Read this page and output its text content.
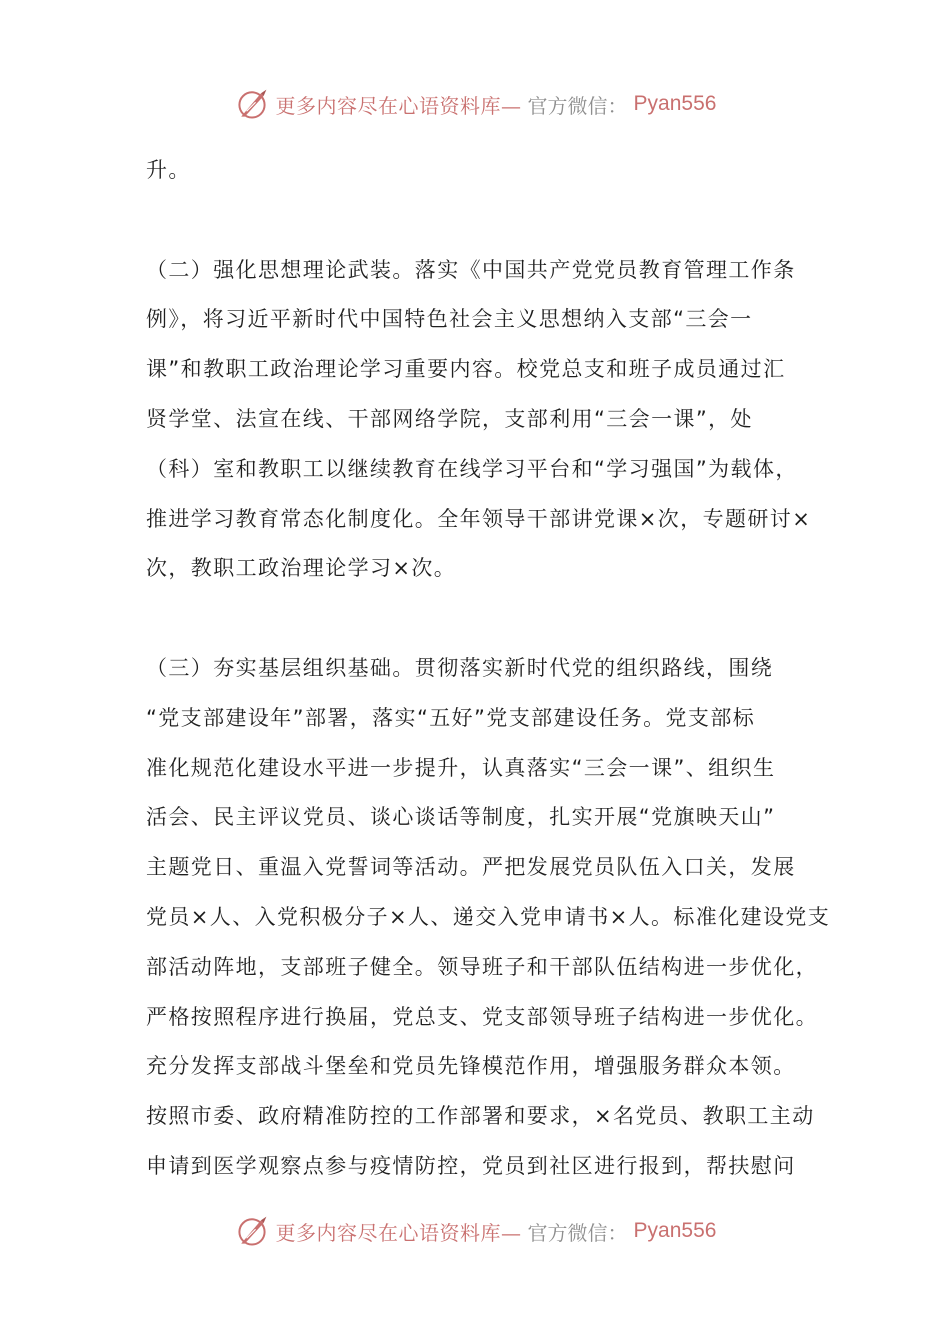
更多内容尽在心语资料库— 官方微信： Pyan556
升。
（二）强化思想理论武装。落实《中国共产党党员教育管理工作条
例》，将习近平新时代中国特色社会主义思想纳入支部“三会一
课”和教职工政治理论学习重要内容。校党总支和班子成员通过汇
贤学堂、法宣在线、干部网络学院，支部利用“三会一课”，处
（科）室和教职工以继续教育在线学习平台和“学习强国”为载体，
推进学习教育常态化制度化。全年领导干部讲党课×次，专题研讨×
次，教职工政治理论学习×次。
（三）夯实基层组织基础。贯彻落实新时代党的组织路线，围绕
“党支部建设年”部署，落实“五好”党支部建设任务。党支部标
准化规范化建设水平进一步提升，认真落实“三会一课”、组织生
活会、民主评议党员、谈心谈话等制度，扎实开展“党旗映天山”
主题党日、重温入党誓词等活动。严把发展党员队伍入口关，发展
党员×人、入党积极分子×人、递交入党申请书×人。标准化建设党支
部活动阵地，支部班子健全。领导班子和干部队伍结构进一步优化，
严格按照程序进行换届，党总支、党支部领导班子结构进一步优化。
充分发挥支部战斗堡垒和党员先锋模范作用，增强服务群众本领。
按照市委、政府精准防控的工作部署和要求，×名党员、教职工主动
申请到医学观察点参与疫情防控，党员到社区进行报到，帮扶慰问
更多内容尽在心语资料库— 官方微信： Pyan556
